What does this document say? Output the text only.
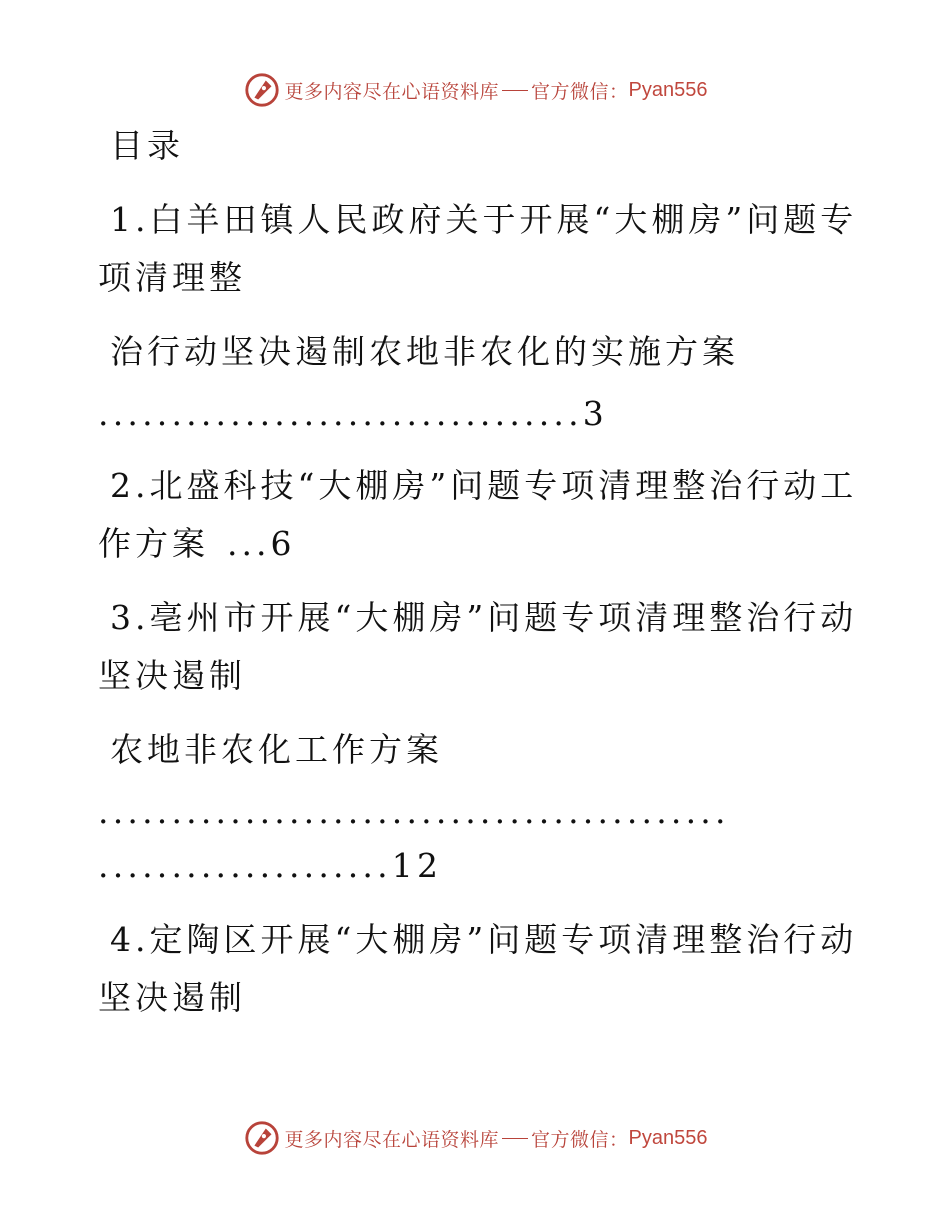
更多内容尽在心语资料库 官方微信： Pyan556
目录
1.白羊田镇人民政府关于开展“大棚房”问题专
项清理整
治行动坚决遏制农地非农化的实施方案
.................................3
2.北盛科技“大棚房”问题专项清理整治行动工
作方案 ...6
3.亳州市开展“大棚房”问题专项清理整治行动
坚决遏制
农地非农化工作方案
...........................................
....................12
4.定陶区开展“大棚房”问题专项清理整治行动
坚决遏制
更多内容尽在心语资料库 官方微信： Pyan556
